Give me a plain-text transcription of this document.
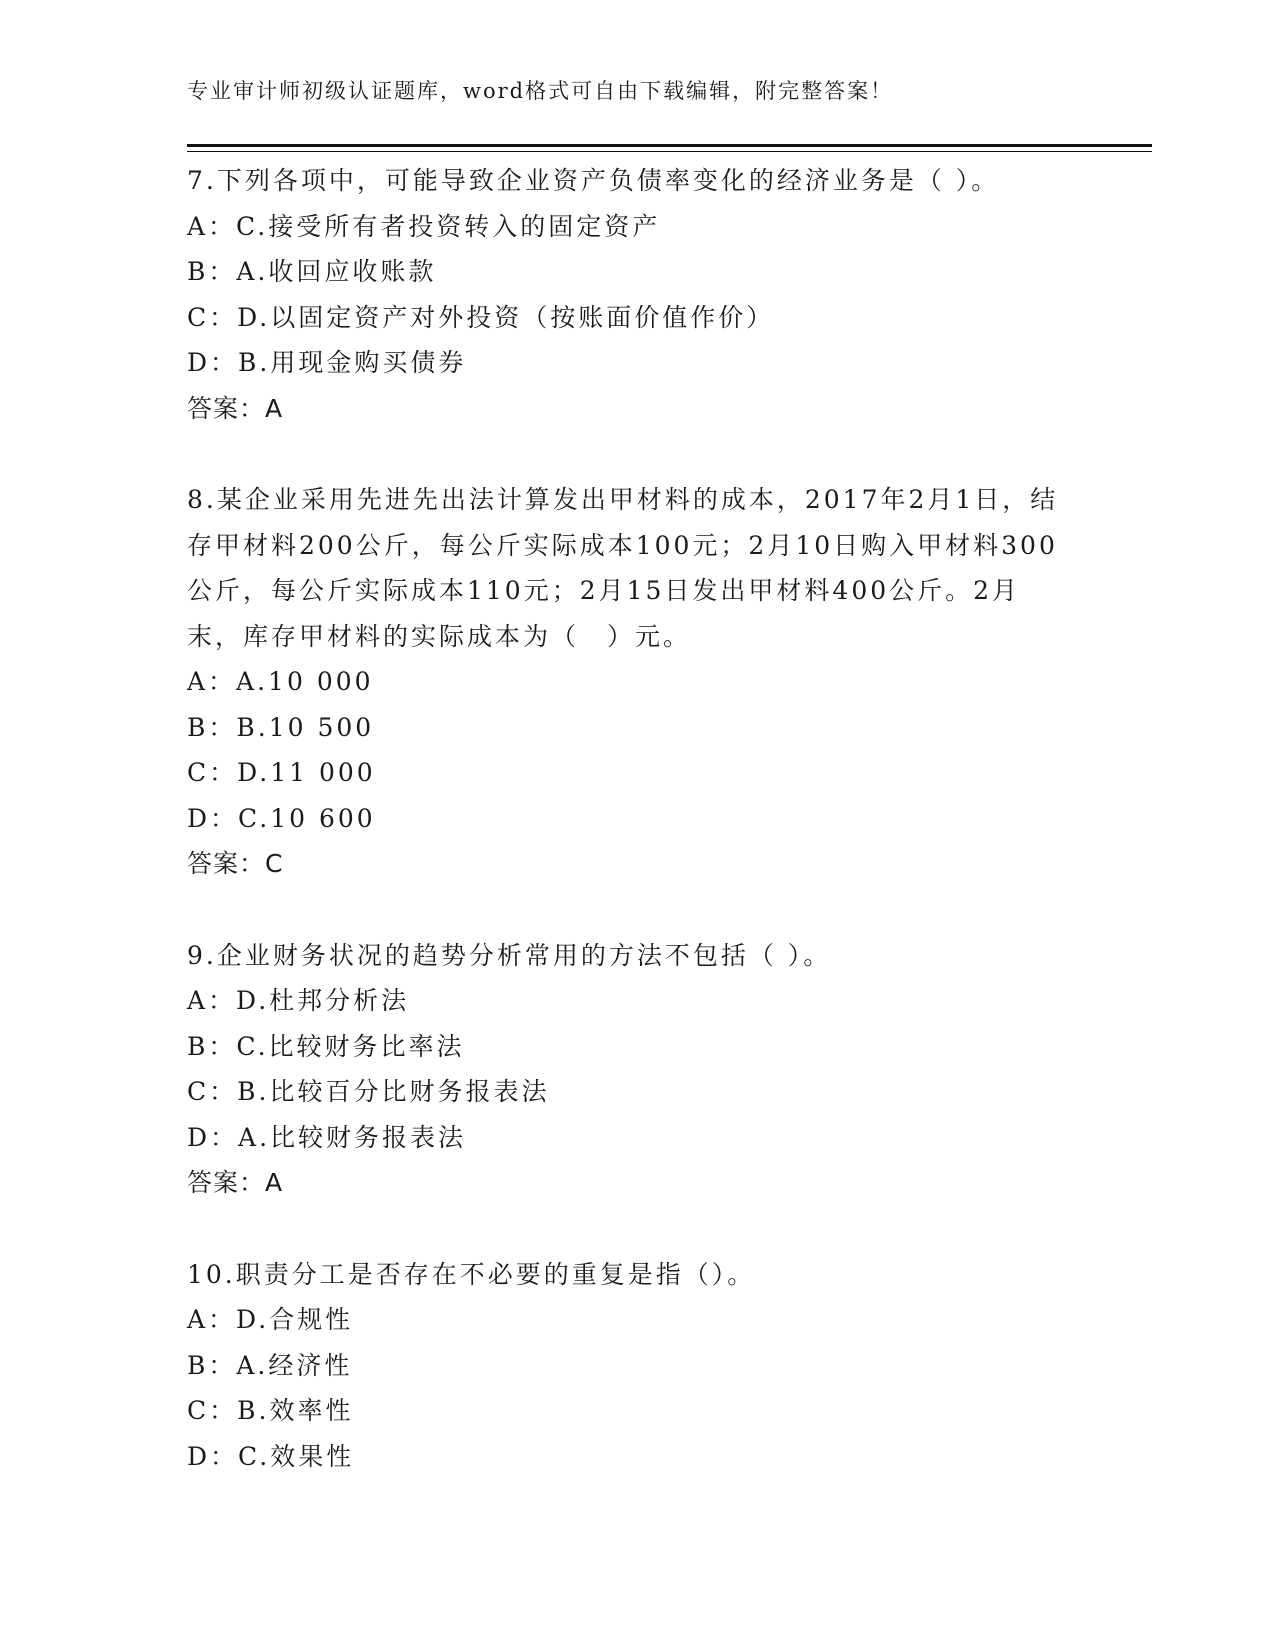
专业审计师初级认证题库，word格式可自由下载编辑，附完整答案！
7.下列各项中，可能导致企业资产负债率变化的经济业务是（ ）。
A：C.接受所有者投资转入的固定资产
B：A.收回应收账款
C：D.以固定资产对外投资（按账面价值作价）
D：B.用现金购买债券
答案：A
8.某企业采用先进先出法计算发出甲材料的成本，2017年2月1日，结存甲材料200公斤，每公斤实际成本100元；2月10日购入甲材料300公斤，每公斤实际成本110元；2月15日发出甲材料400公斤。2月末，库存甲材料的实际成本为（　）元。
A：A.10 000
B：B.10 500
C：D.11 000
D：C.10 600
答案：C
9.企业财务状况的趋势分析常用的方法不包括（ ）。
A：D.杜邦分析法
B：C.比较财务比率法
C：B.比较百分比财务报表法
D：A.比较财务报表法
答案：A
10.职责分工是否存在不必要的重复是指（）。
A：D.合规性
B：A.经济性
C：B.效率性
D：C.效果性
